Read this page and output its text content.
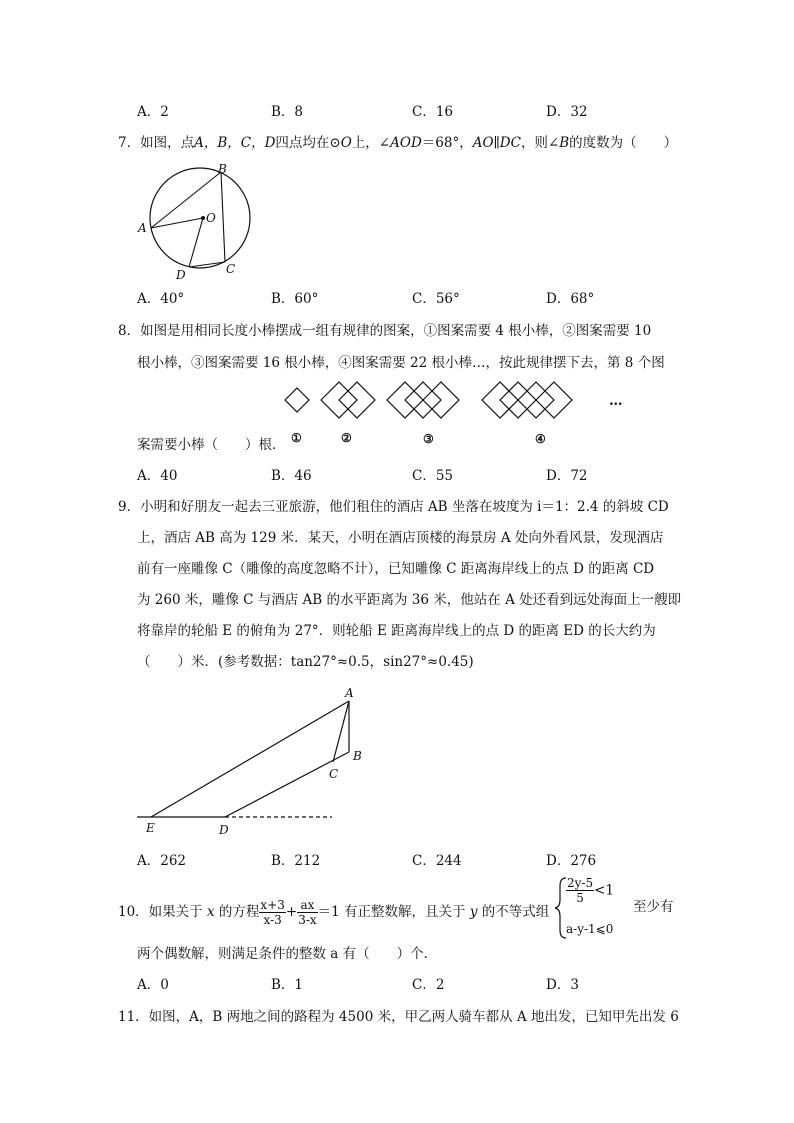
A．2	B．8	C．16	D．32
7．如图，点A，B，C，D四点均在⊙O上，∠AOD＝68°，AO∥DC，则∠B的度数为（　　）
B
O
A
D	C
A．40°	B．60°	C．56°	D．68°
8．如图是用相同长度小棒摆成一组有规律的图案，①图案需要 4 根小棒，②图案需要 10
根小棒，③图案需要 16 根小棒，④图案需要 22 根小棒…，按此规律摆下去，第 8 个图
…
①	②	③	④
案需要小棒（　　）根．
A．40	B．46	C．55	D．72
9．小明和好朋友一起去三亚旅游，他们租住的酒店 AB 坐落在坡度为 i＝1：2.4 的斜坡 CD
上，酒店 AB 高为 129 米．某天，小明在酒店顶楼的海景房 A 处向外看风景，发现酒店
前有一座雕像 C（雕像的高度忽略不计），已知雕像 C 距离海岸线上的点 D 的距离 CD
为 260 米，雕像 C 与酒店 AB 的水平距离为 36 米，他站在 A 处还看到远处海面上一艘即
将靠岸的轮船 E 的俯角为 27°．则轮船 E 距离海岸线上的点 D 的距离 ED 的长大约为
（　　）米．(参考数据：tan27°≈0.5，sin27°≈0.45)
A
B
C
E	D
A．262	B．212	C．244	D．276
10．如果关于 x 的方程 $\frac{x+3}{x-3} + \frac{ax}{3-x} =1$ 有正整数解，且关于 y 的不等式组
$\frac{2y-5}{5} <1$
a-y-1⩽0
至少有
两个偶数解，则满足条件的整数 a 有（　　）个．
A．0	B．1	C．2	D．3
11．如图，A，B 两地之间的路程为 4500 米，甲乙两人骑车都从 A 地出发，已知甲先出发 6
